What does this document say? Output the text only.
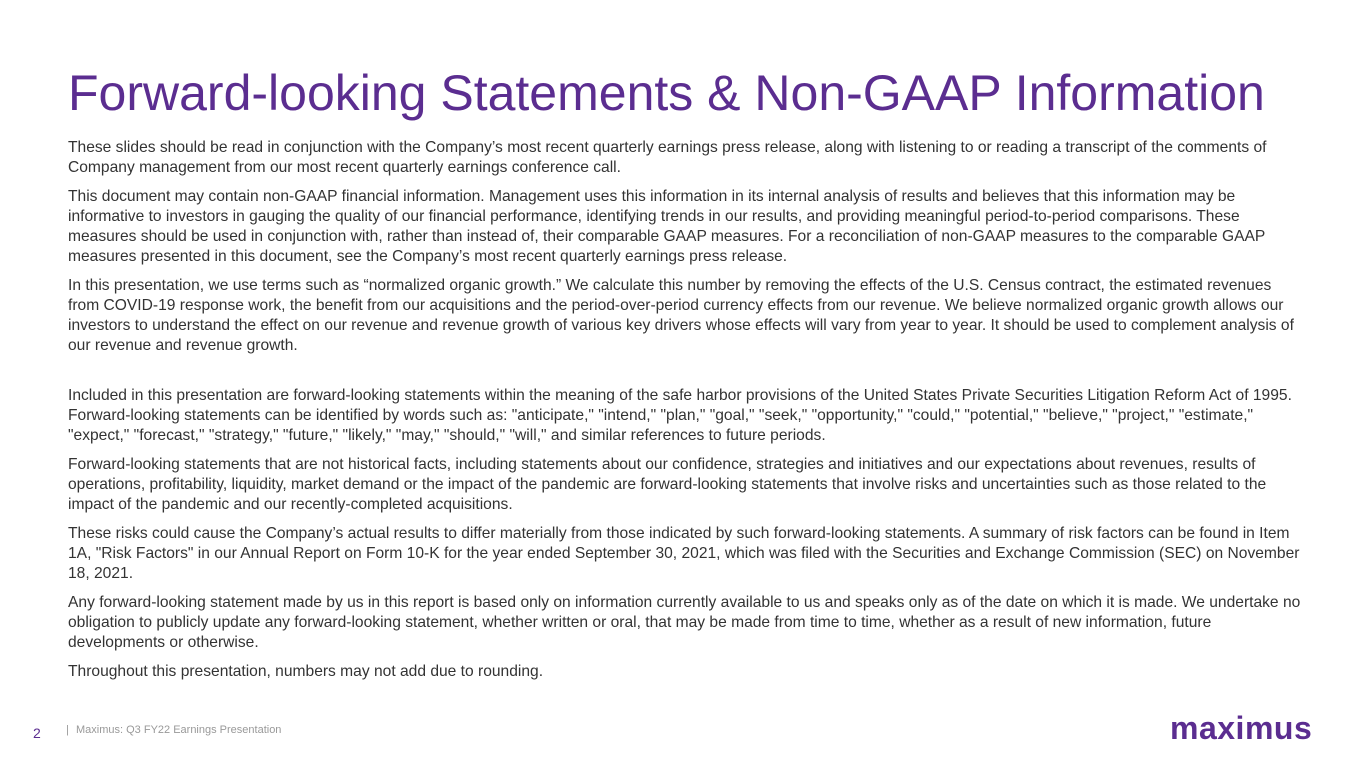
Forward-looking Statements & Non-GAAP Information

These slides should be read in conjunction with the Company’s most recent quarterly earnings press release, along with listening to or reading a transcript of the comments of Company management from our most recent quarterly earnings conference call.

This document may contain non-GAAP financial information. Management uses this information in its internal analysis of results and believes that this information may be informative to investors in gauging the quality of our financial performance, identifying trends in our results, and providing meaningful period-to-period comparisons. These measures should be used in conjunction with, rather than instead of, their comparable GAAP measures. For a reconciliation of non-GAAP measures to the comparable GAAP measures presented in this document, see the Company’s most recent quarterly earnings press release.

In this presentation, we use terms such as “normalized organic growth.” We calculate this number by removing the effects of the U.S. Census contract, the estimated revenues from COVID-19 response work, the benefit from our acquisitions and the period-over-period currency effects from our revenue. We believe normalized organic growth allows our investors to understand the effect on our revenue and revenue growth of various key drivers whose effects will vary from year to year. It should be used to complement analysis of our revenue and revenue growth.

Included in this presentation are forward-looking statements within the meaning of the safe harbor provisions of the United States Private Securities Litigation Reform Act of 1995. Forward-looking statements can be identified by words such as: "anticipate," "intend," "plan," "goal," "seek," "opportunity," "could," "potential," "believe," "project," "estimate," "expect," "forecast," "strategy," "future," "likely," "may," "should," "will," and similar references to future periods.

Forward-looking statements that are not historical facts, including statements about our confidence, strategies and initiatives and our expectations about revenues, results of operations, profitability, liquidity, market demand or the impact of the pandemic are forward-looking statements that involve risks and uncertainties such as those related to the impact of the pandemic and our recently-completed acquisitions.

These risks could cause the Company’s actual results to differ materially from those indicated by such forward-looking statements. A summary of risk factors can be found in Item 1A, "Risk Factors" in our Annual Report on Form 10-K for the year ended September 30, 2021, which was filed with the Securities and Exchange Commission (SEC) on November 18, 2021.

Any forward-looking statement made by us in this report is based only on information currently available to us and speaks only as of the date on which it is made. We undertake no obligation to publicly update any forward-looking statement, whether written or oral, that may be made from time to time, whether as a result of new information, future developments or otherwise.

Throughout this presentation, numbers may not add due to rounding.

2 | Maximus: Q3 FY22 Earnings Presentation	maximus
